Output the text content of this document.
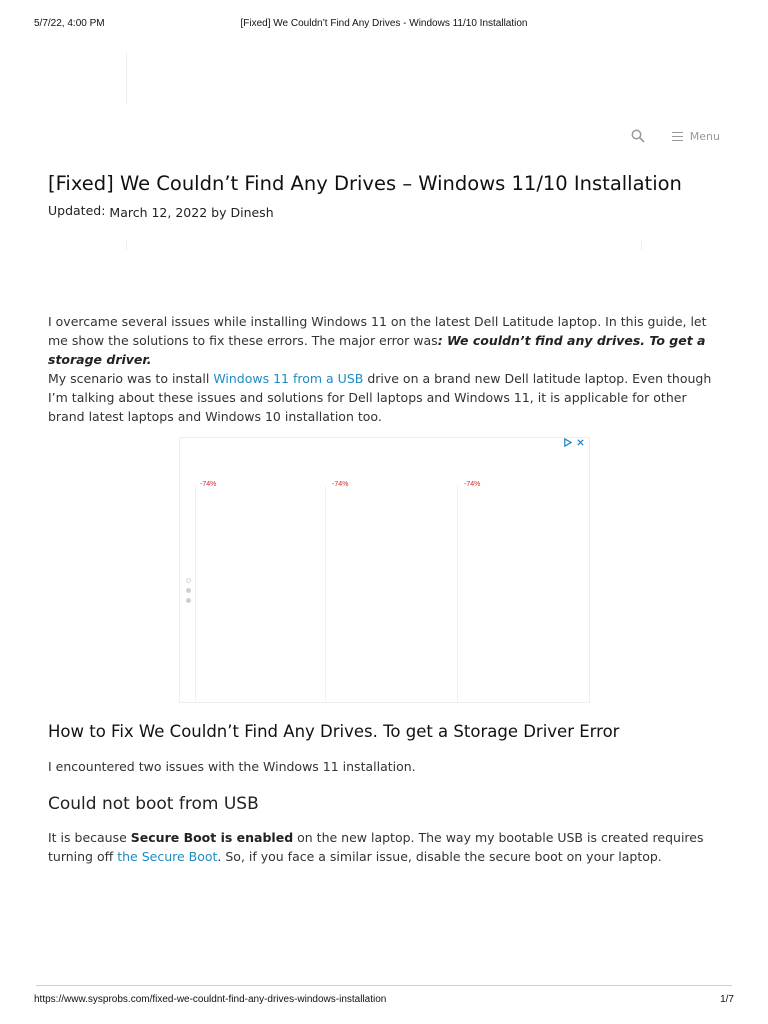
5/7/22, 4:00 PM	[Fixed] We Couldn’t Find Any Drives - Windows 11/10 Installation
Menu
[Fixed] We Couldn’t Find Any Drives – Windows 11/10 Installation
Updated: March 12, 2022 by Dinesh

I overcame several issues while installing Windows 11 on the latest Dell Latitude laptop. In this guide, let me show the solutions to fix these errors. The major error was: We couldn’t find any drives. To get a storage driver.

My scenario was to install Windows 11 from a USB drive on a brand new Dell latitude laptop. Even though I’m talking about these issues and solutions for Dell laptops and Windows 11, it is applicable for other brand latest laptops and Windows 10 installation too.

-74%	-74%	-74%
How to Fix We Couldn’t Find Any Drives. To get a Storage Driver Error

I encountered two issues with the Windows 11 installation.

Could not boot from USB

It is because Secure Boot is enabled on the new laptop. The way my bootable USB is created requires turning off the Secure Boot. So, if you face a similar issue, disable the secure boot on your laptop.

https://www.sysprobs.com/fixed-we-couldnt-find-any-drives-windows-installation	1/7
